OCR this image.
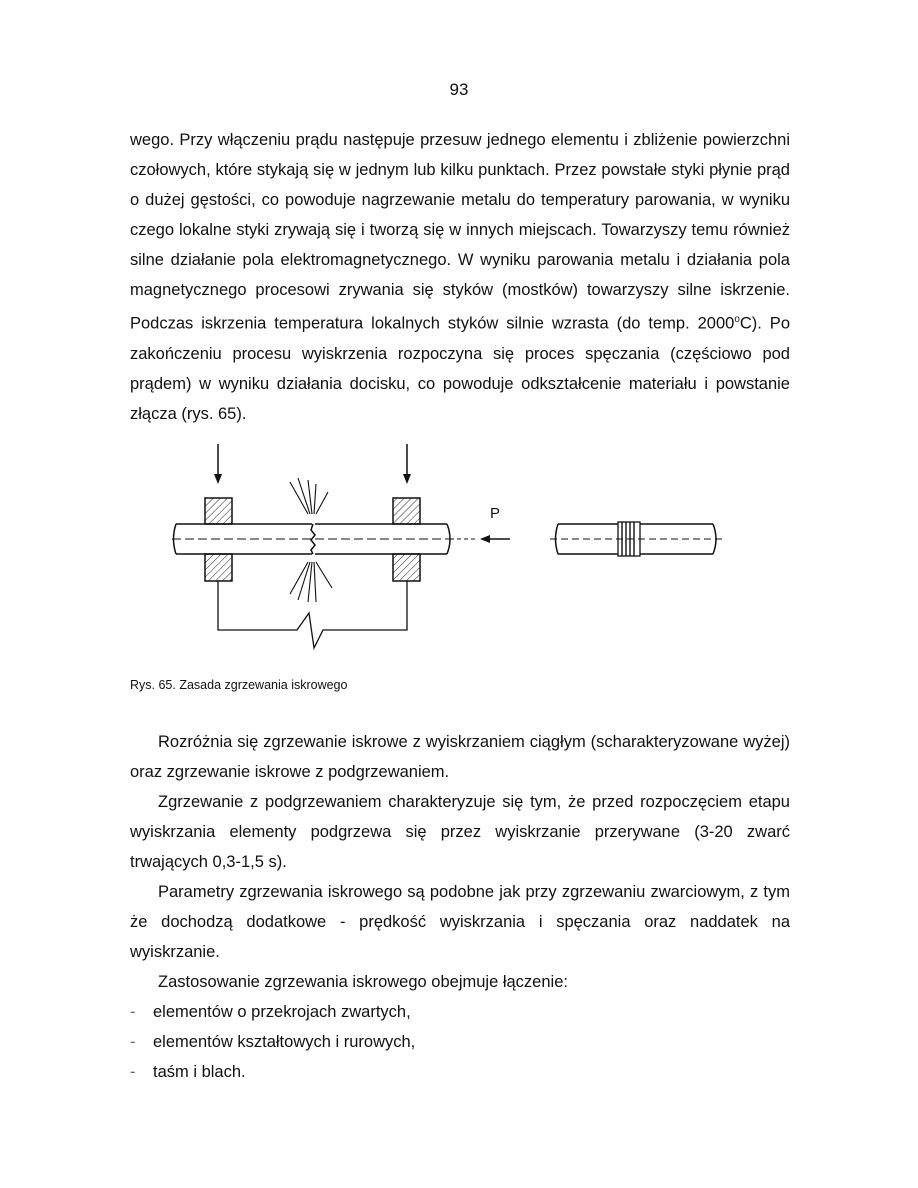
93

wego. Przy włączeniu prądu następuje przesuw jednego elementu i zbliżenie powierzchni czołowych, które stykają się w jednym lub kilku punktach. Przez powstałe styki płynie prąd o dużej gęstości, co powoduje nagrzewanie metalu do temperatury parowania, w wyniku czego lokalne styki zrywają się i tworzą się w innych miejscach. Towarzyszy temu również silne działanie pola elektromagnetycznego. W wyniku parowania metalu i działania pola magnetycznego procesowi zrywania się styków (mostków) towarzyszy silne iskrzenie. Podczas iskrzenia temperatura lokalnych styków silnie wzrasta (do temp. 2000$^o$C). Po zakończeniu procesu wyiskrzenia rozpoczyna się proces spęczania (częściowo pod prądem) w wyniku działania docisku, co powoduje odkształcenie materiału i powstanie złącza (rys. 65).

P
Rys. 65. Zasada zgrzewania iskrowego

Rozróżnia się zgrzewanie iskrowe z wyiskrzaniem ciągłym (scharakteryzowane wyżej) oraz zgrzewanie iskrowe z podgrzewaniem.

Zgrzewanie z podgrzewaniem charakteryzuje się tym, że przed rozpoczęciem etapu wyiskrzania elementy podgrzewa się przez wyiskrzanie przerywane (3-20 zwarć trwających 0,3-1,5 s).

Parametry zgrzewania iskrowego są podobne jak przy zgrzewaniu zwarciowym, z tym że dochodzą dodatkowe - prędkość wyiskrzania i spęczania oraz naddatek na wyiskrzanie.

Zastosowanie zgrzewania iskrowego obejmuje łączenie:

- elementów o przekrojach zwartych,
- elementów kształtowych i rurowych,
- taśm i blach.
